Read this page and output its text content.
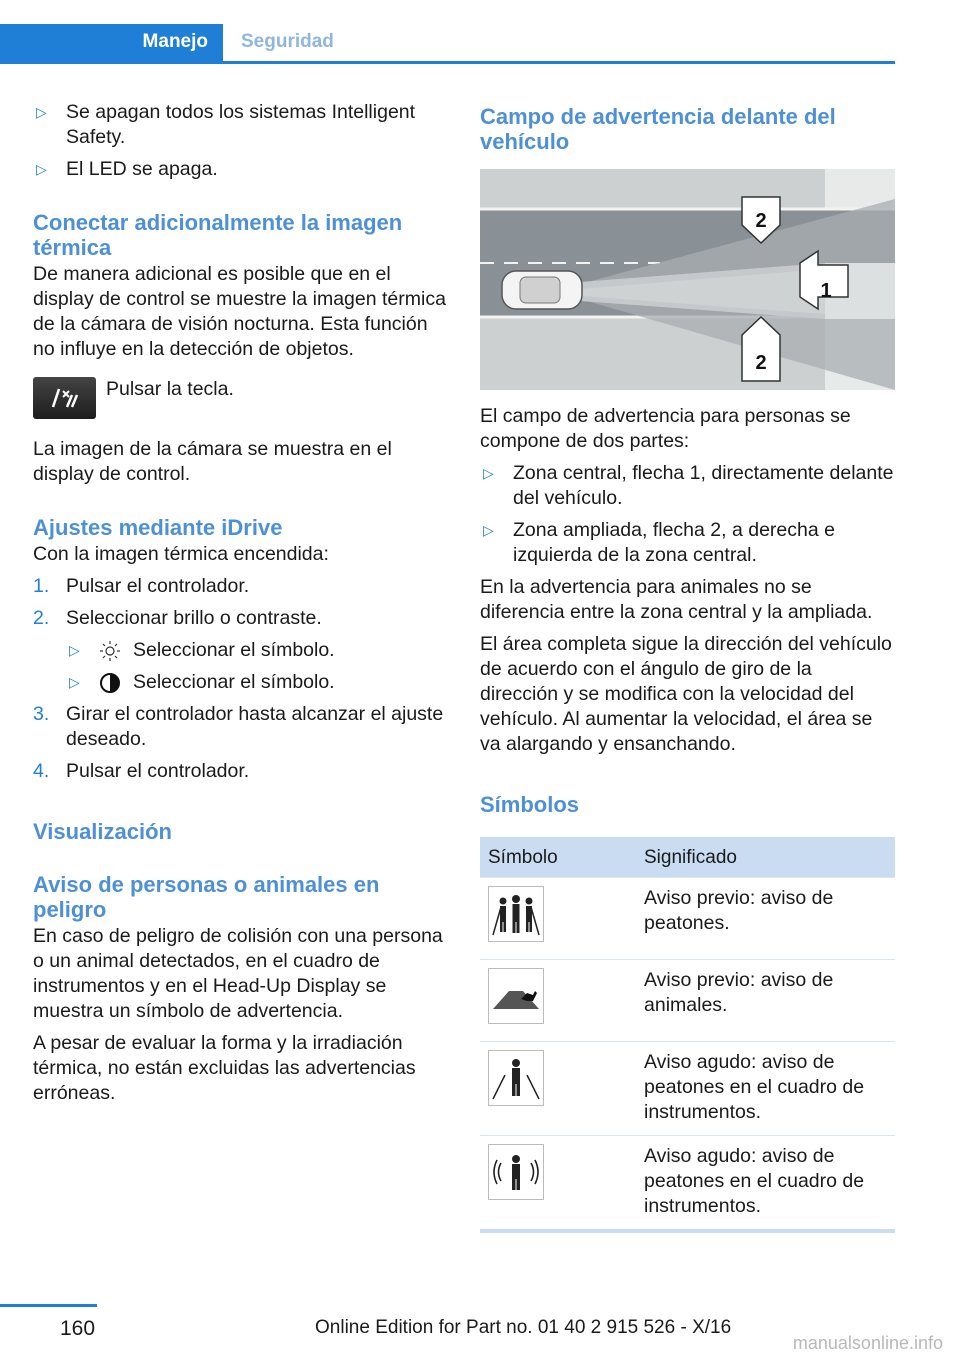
Manejo Seguridad
▷ Se apagan todos los sistemas Intelligent Safety.
▷ El LED se apaga.
Conectar adicionalmente la imagen térmica

De manera adicional es posible que en el display de control se muestre la imagen térmica de la cámara de visión nocturna. Esta función no influye en la detección de objetos.

Pulsar la tecla.

La imagen de la cámara se muestra en el display de control.

Ajustes mediante iDrive

Con la imagen térmica encendida:

1. Pulsar el controlador.
2. Seleccionar brillo o contraste.
▷	Seleccionar el símbolo.
▷	Seleccionar el símbolo.
3. Girar el controlador hasta alcanzar el ajuste deseado.
4. Pulsar el controlador.
Visualización
Aviso de personas o animales en peligro

En caso de peligro de colisión con una persona o un animal detectados, en el cuadro de instrumentos y en el Head-Up Display se muestra un símbolo de advertencia.

A pesar de evaluar la forma y la irradiación térmica, no están excluidas las advertencias erróneas.

Campo de advertencia delante del vehículo
2
1
2

El campo de advertencia para personas se compone de dos partes:

▷ Zona central, flecha 1, directamente delante del vehículo.
▷ Zona ampliada, flecha 2, a derecha e izquierda de la zona central.

En la advertencia para animales no se diferencia entre la zona central y la ampliada.

El área completa sigue la dirección del vehículo de acuerdo con el ángulo de giro de la dirección y se modifica con la velocidad del vehículo. Al aumentar la velocidad, el área se va alargando y ensanchando.

Símbolos
Símbolo	Significado
	Aviso previo: aviso de peatones.
	Aviso previo: aviso de animales.
	Aviso agudo: aviso de peatones en el cuadro de instrumentos.
	Aviso agudo: aviso de peatones en el cuadro de instrumentos.
160	Online Edition for Part no. 01 40 2 915 526 - X/16
manualsonline.info
